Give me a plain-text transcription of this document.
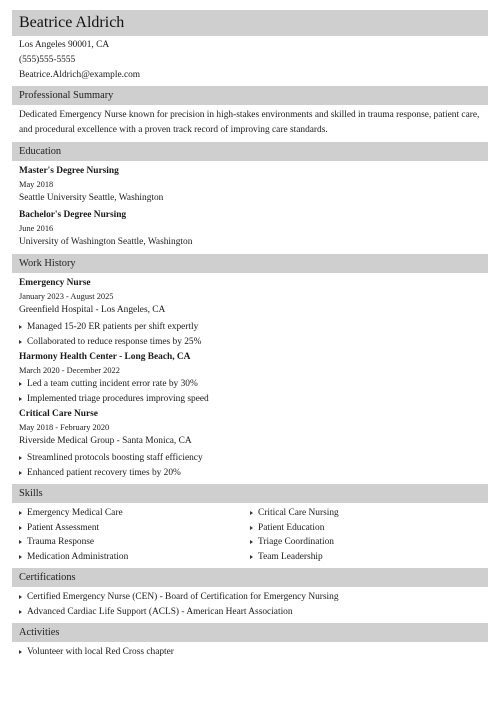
Beatrice Aldrich
Los Angeles 90001, CA
(555)555-5555
Beatrice.Aldrich@example.com
Professional Summary
Dedicated Emergency Nurse known for precision in high-stakes environments and skilled in trauma response, patient care, and procedural excellence with a proven track record of improving care standards.
Education
Master's Degree Nursing
May 2018
Seattle University Seattle, Washington
Bachelor's Degree Nursing
June 2016
University of Washington Seattle, Washington
Work History
Emergency Nurse
January 2023 - August 2025
Greenfield Hospital - Los Angeles, CA
Managed 15-20 ER patients per shift expertly
Collaborated to reduce response times by 25%
Harmony Health Center - Long Beach, CA
March 2020 - December 2022
Led a team cutting incident error rate by 30%
Implemented triage procedures improving speed
Critical Care Nurse
May 2018 - February 2020
Riverside Medical Group - Santa Monica, CA
Streamlined protocols boosting staff efficiency
Enhanced patient recovery times by 20%
Skills
Emergency Medical Care
Patient Assessment
Trauma Response
Medication Administration
Critical Care Nursing
Patient Education
Triage Coordination
Team Leadership
Certifications
Certified Emergency Nurse (CEN) - Board of Certification for Emergency Nursing
Advanced Cardiac Life Support (ACLS) - American Heart Association
Activities
Volunteer with local Red Cross chapter
